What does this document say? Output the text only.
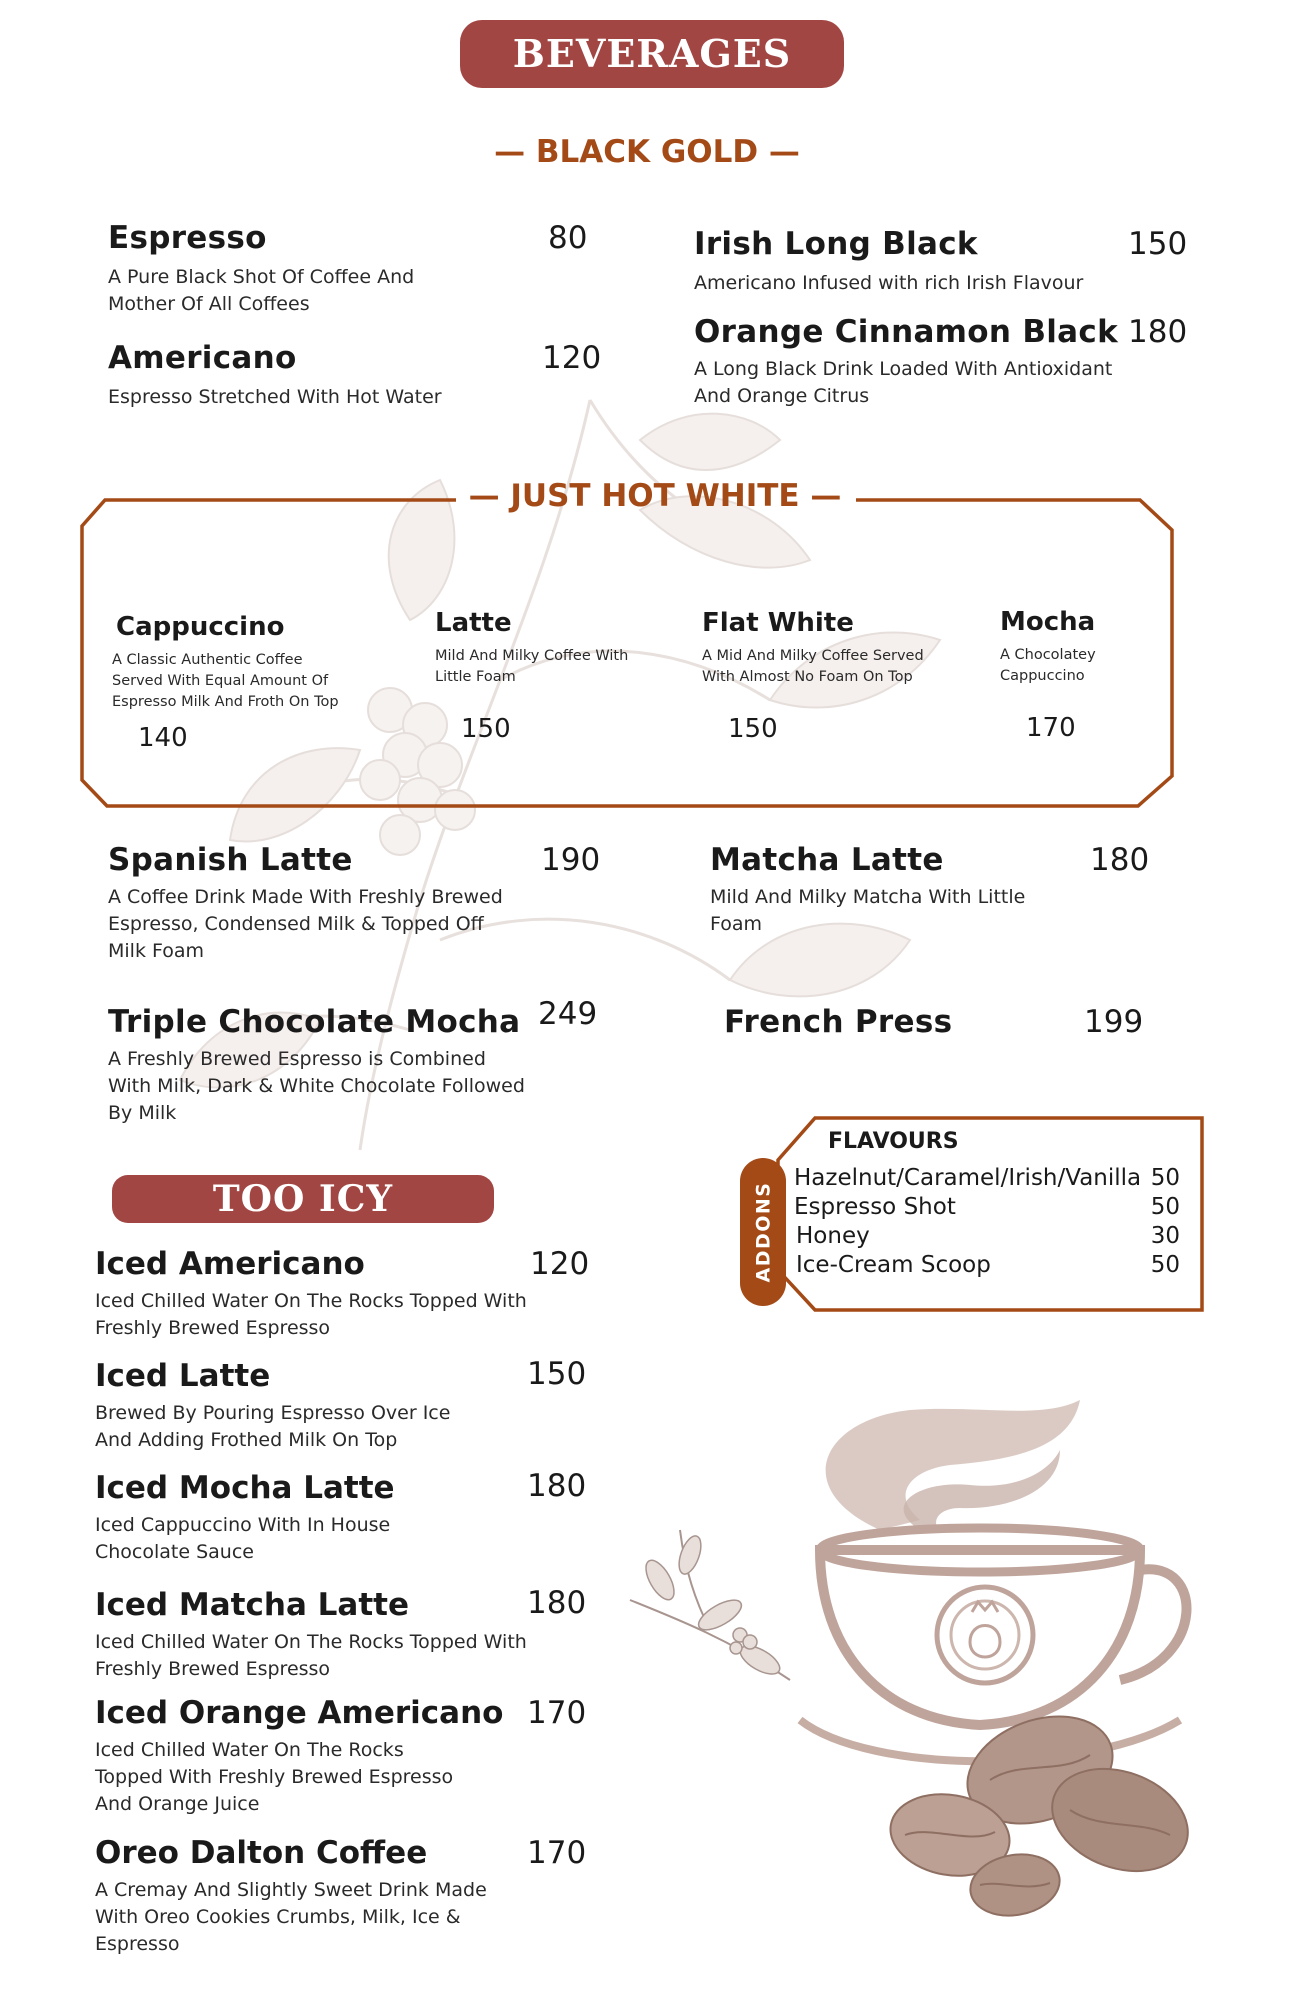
BEVERAGES
— BLACK GOLD —
Espresso
A Pure Black Shot Of Coffee And Mother Of All Coffees
80
Americano
Espresso Stretched With Hot Water
120
Irish Long Black
Americano Infused with rich Irish Flavour
150
Orange Cinnamon Black
A Long Black Drink Loaded With Antioxidant And Orange Citrus
180
— JUST HOT WHITE —
Cappuccino
A Classic Authentic Coffee Served With Equal Amount Of Espresso Milk And Froth On Top
140
Latte
Mild And Milky Coffee With Little Foam
150
Flat White
A Mid And Milky Coffee Served With Almost No Foam On Top
150
Mocha
A Chocolatey Cappuccino
170
Spanish Latte
A Coffee Drink Made With Freshly Brewed Espresso, Condensed Milk & Topped Off Milk Foam
190	Matcha Latte
Mild And Milky Matcha With Little Foam
180
Triple Chocolate Mocha
A Freshly Brewed Espresso is Combined With Milk, Dark & White Chocolate Followed By Milk
249	French Press	199
TOO ICY
Iced Americano
Iced Chilled Water On The Rocks Topped With Freshly Brewed Espresso
120
Iced Latte
Brewed By Pouring Espresso Over Ice And Adding Frothed Milk On Top
150
Iced Mocha Latte
Iced Cappuccino With In House Chocolate Sauce
180
Iced Matcha Latte
Iced Chilled Water On The Rocks Topped With Freshly Brewed Espresso
180
Iced Orange Americano
Iced Chilled Water On The Rocks Topped With Freshly Brewed Espresso And Orange Juice
170
Oreo Dalton Coffee
A Cremay And Slightly Sweet Drink Made With Oreo Cookies Crumbs, Milk, Ice & Espresso
170
ADDONS
FLAVOURS
Hazelnut/Caramel/Irish/Vanilla 50
Espresso Shot	50
Honey	30
Ice-Cream Scoop	50
